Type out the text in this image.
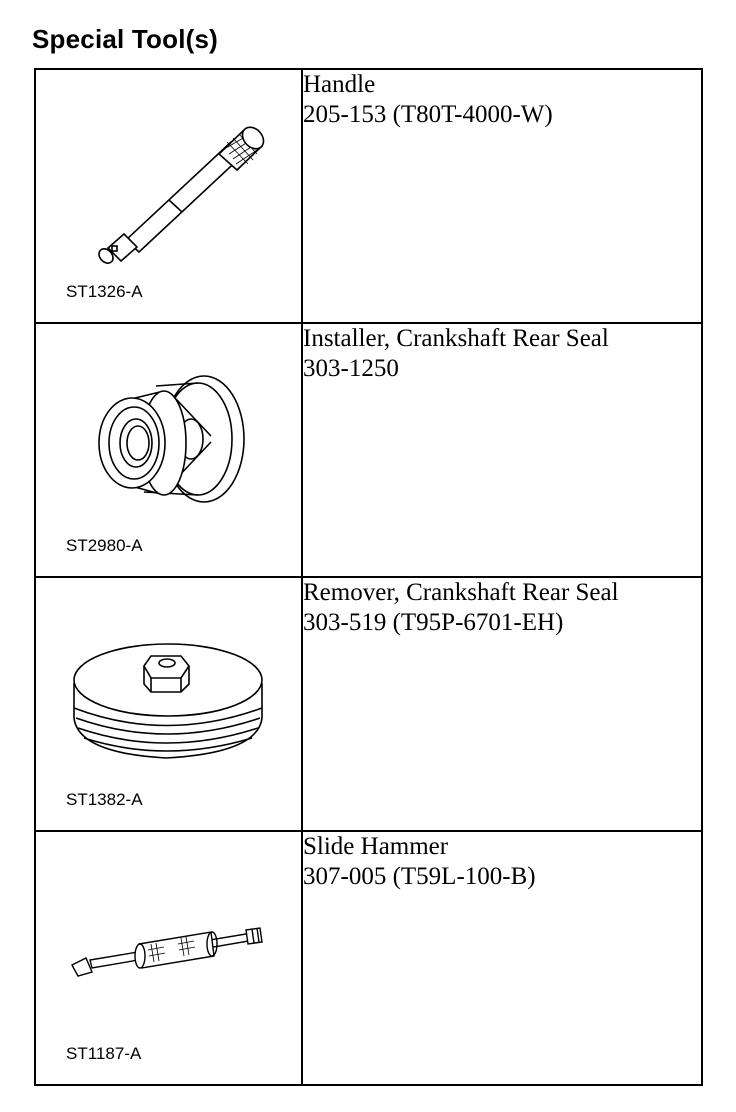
Special Tool(s)
ST1326-A	Handle
205-153 (T80T-4000-W)

ST2980-A	Installer, Crankshaft Rear Seal
303-1250

ST1382-A	Remover, Crankshaft Rear Seal
303-519 (T95P-6701-EH)

ST1187-A	Slide Hammer
307-005 (T59L-100-B)
